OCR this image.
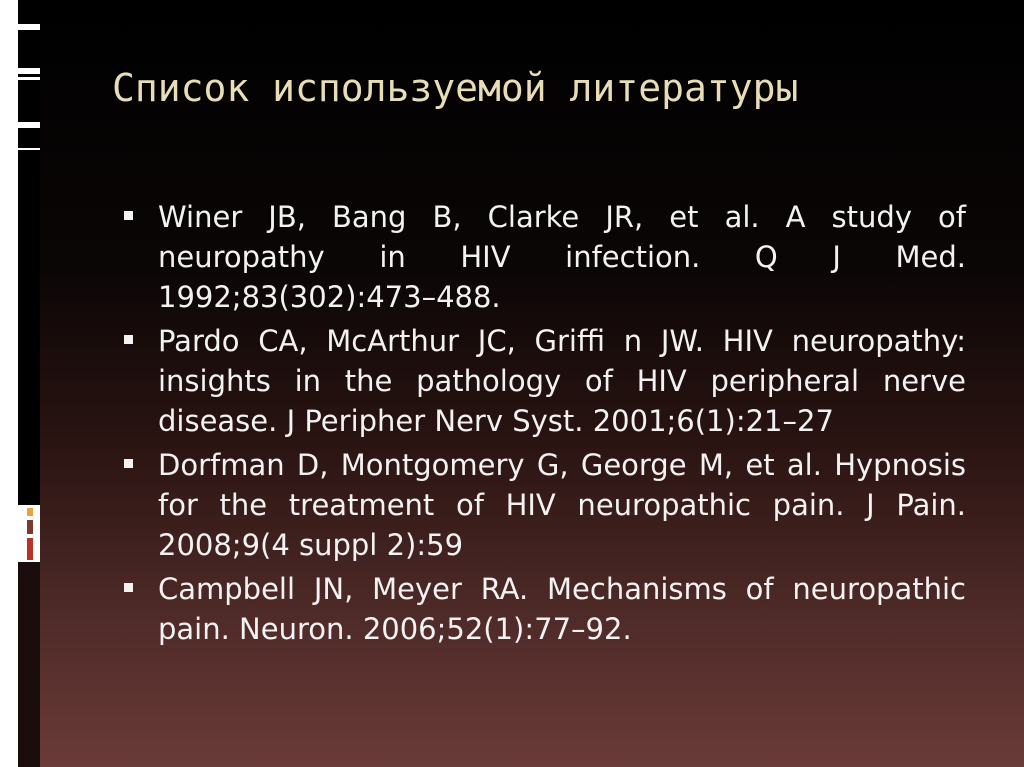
Список используемой литературы
Winer JB, Bang B, Clarke JR, et al. A study of neuropathy in HIV infection. Q J Med. 1992;83(302):473–488.
Pardo CA, McArthur JC, Griffi n JW. HIV neuropathy: insights in the pathology of HIV peripheral nerve disease. J Peripher Nerv Syst. 2001;6(1):21–27
Dorfman D, Montgomery G, George M, et al. Hypnosis for the treatment of HIV neuropathic pain. J Pain. 2008;9(4 suppl 2):59
Campbell JN, Meyer RA. Mechanisms of neuropathic pain. Neuron. 2006;52(1):77–92.
